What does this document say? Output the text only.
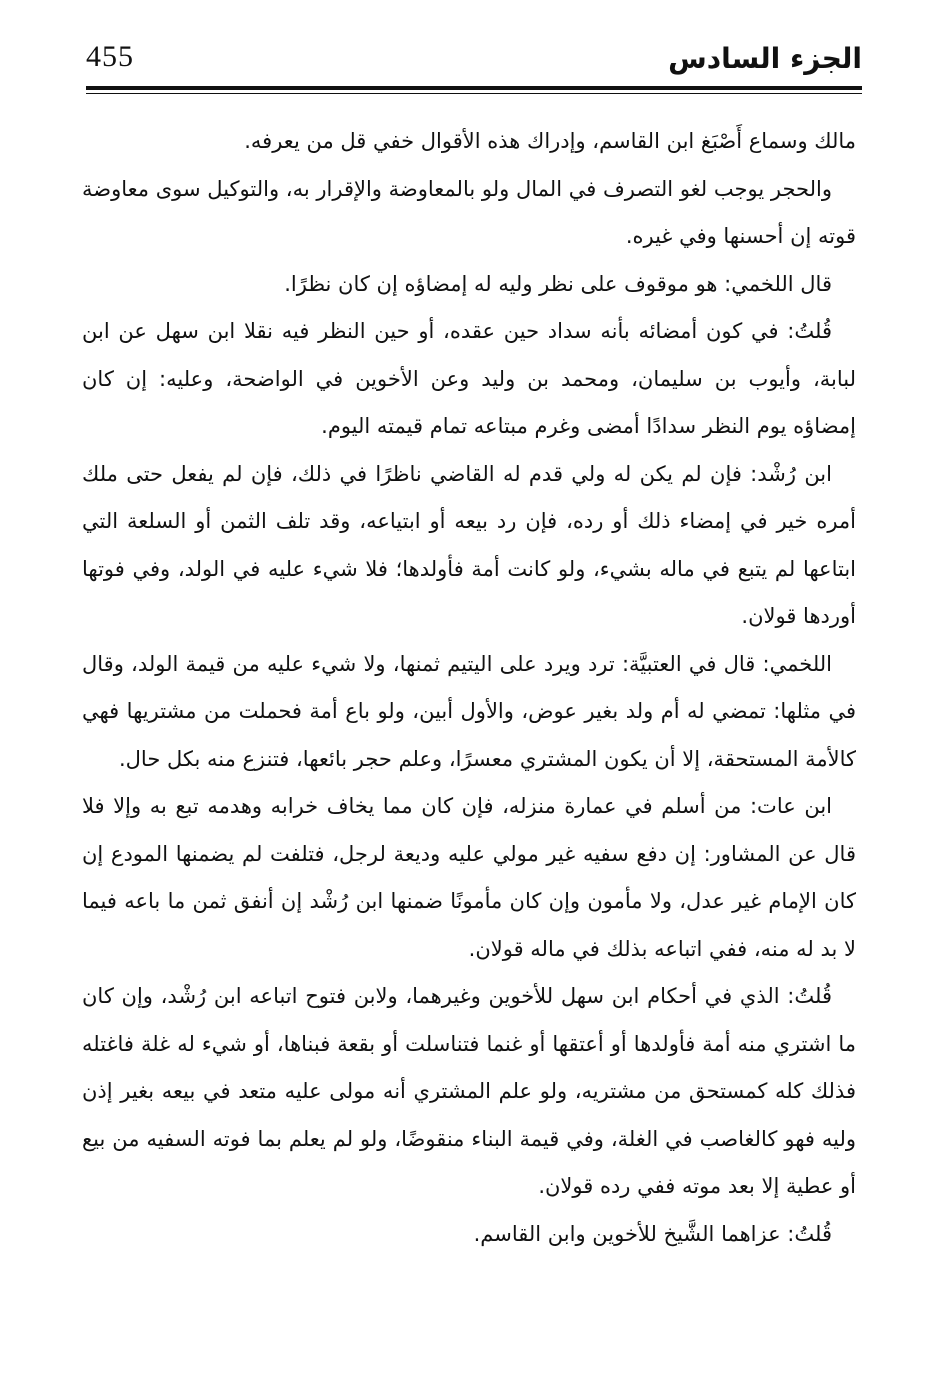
455	الجزء السادس

مالك وسماع أَصْبَغ ابن القاسم، وإدراك هذه الأقوال خفي قل من يعرفه.

والحجر يوجب لغو التصرف في المال ولو بالمعاوضة والإقرار به، والتوكيل سوى معاوضة قوته إن أحسنها وفي غيره.

قال اللخمي: هو موقوف على نظر وليه له إمضاؤه إن كان نظرًا.

قُلتُ: في كون أمضائه بأنه سداد حين عقده، أو حين النظر فيه نقلا ابن سهل عن ابن لبابة، وأيوب بن سليمان، ومحمد بن وليد وعن الأخوين في الواضحة، وعليه: إن كان إمضاؤه يوم النظر سدادًا أمضى وغرم مبتاعه تمام قيمته اليوم.

ابن رُشْد: فإن لم يكن له ولي قدم له القاضي ناظرًا في ذلك، فإن لم يفعل حتى ملك أمره خير في إمضاء ذلك أو رده، فإن رد بيعه أو ابتياعه، وقد تلف الثمن أو السلعة التي ابتاعها لم يتبع في ماله بشيء، ولو كانت أمة فأولدها؛ فلا شيء عليه في الولد، وفي فوتها أوردها قولان.

اللخمي: قال في العتبيَّة: ترد ويرد على اليتيم ثمنها، ولا شيء عليه من قيمة الولد، وقال في مثلها: تمضي له أم ولد بغير عوض، والأول أبين، ولو باع أمة فحملت من مشتريها فهي كالأمة المستحقة، إلا أن يكون المشتري معسرًا، وعلم حجر بائعها، فتنزع منه بكل حال.

ابن عات: من أسلم في عمارة منزله، فإن كان مما يخاف خرابه وهدمه تبع به وإلا فلا قال عن المشاور: إن دفع سفيه غير مولي عليه وديعة لرجل، فتلفت لم يضمنها المودع إن كان الإمام غير عدل، ولا مأمون وإن كان مأمونًا ضمنها ابن رُشْد إن أنفق ثمن ما باعه فيما لا بد له منه، ففي اتباعه بذلك في ماله قولان.

قُلتُ: الذي في أحكام ابن سهل للأخوين وغيرهما، ولابن فتوح اتباعه ابن رُشْد، وإن كان ما اشتري منه أمة فأولدها أو أعتقها أو غنما فتناسلت أو بقعة فبناها، أو شيء له غلة فاغتله فذلك كله كمستحق من مشتريه، ولو علم المشتري أنه مولى عليه متعد في بيعه بغير إذن وليه فهو كالغاصب في الغلة، وفي قيمة البناء منقوضًا، ولو لم يعلم بما فوته السفيه من بيع أو عطية إلا بعد موته ففي رده قولان.

قُلتُ: عزاهما الشَّيخ للأخوين وابن القاسم.
